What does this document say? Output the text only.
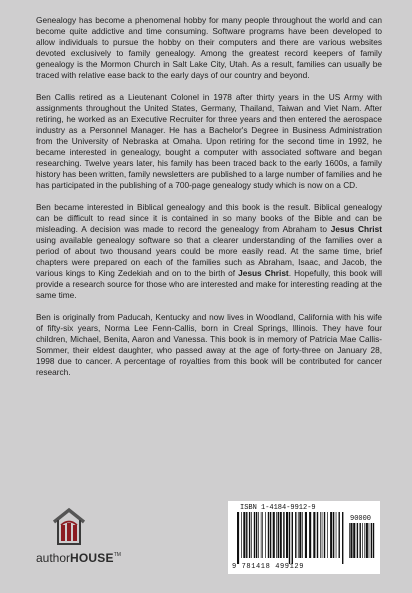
Genealogy has become a phenomenal hobby for many people throughout the world and can become quite addictive and time consuming. Software programs have been developed to allow individuals to pursue the hobby on their computers and there are various websites devoted exclusively to family genealogy. Among the greatest record keepers of family genealogy is the Mormon Church in Salt Lake City, Utah. As a result, families can usually be traced with relative ease back to the early days of our country and beyond.

Ben Callis retired as a Lieutenant Colonel in 1978 after thirty years in the US Army with assignments throughout the United States, Germany, Thailand, Taiwan and Viet Nam. After retiring, he worked as an Executive Recruiter for three years and then entered the aerospace industry as a Personnel Manager. He has a Bachelor's Degree in Business Administration from the University of Nebraska at Omaha. Upon retiring for the second time in 1992, he became interested in genealogy, bought a computer with associated software and began researching. Twelve years later, his family has been traced back to the early 1600s, a family history has been written, family newsletters are published to a large number of families and he has participated in the publishing of a 700-page genealogy study which is now on a CD.

Ben became interested in Biblical genealogy and this book is the result. Biblical genealogy can be difficult to read since it is contained in so many books of the Bible and can be misleading. A decision was made to record the genealogy from Abraham to Jesus Christ using available genealogy software so that a clearer understanding of the families over a period of about two thousand years could be more easily read. At the same time, brief chapters were prepared on each of the families such as Abraham, Isaac, and Jacob, the various kings to King Zedekiah and on to the birth of Jesus Christ. Hopefully, this book will provide a research source for those who are interested and make for interesting reading at the same time.

Ben is originally from Paducah, Kentucky and now lives in Woodland, California with his wife of fifty-six years, Norma Lee Fenn-Callis, born in Creal Springs, Illinois. They have four children, Michael, Benita, Aaron and Vanessa. This book is in memory of Patricia Mae Callis-Sommer, their eldest daughter, who passed away at the age of forty-three on January 28, 1998 due to cancer. A percentage of royalties from this book will be contributed for cancer research.

authorHOUSE™
ISBN 1-4184-9912-9
90000
9 781418 499129
